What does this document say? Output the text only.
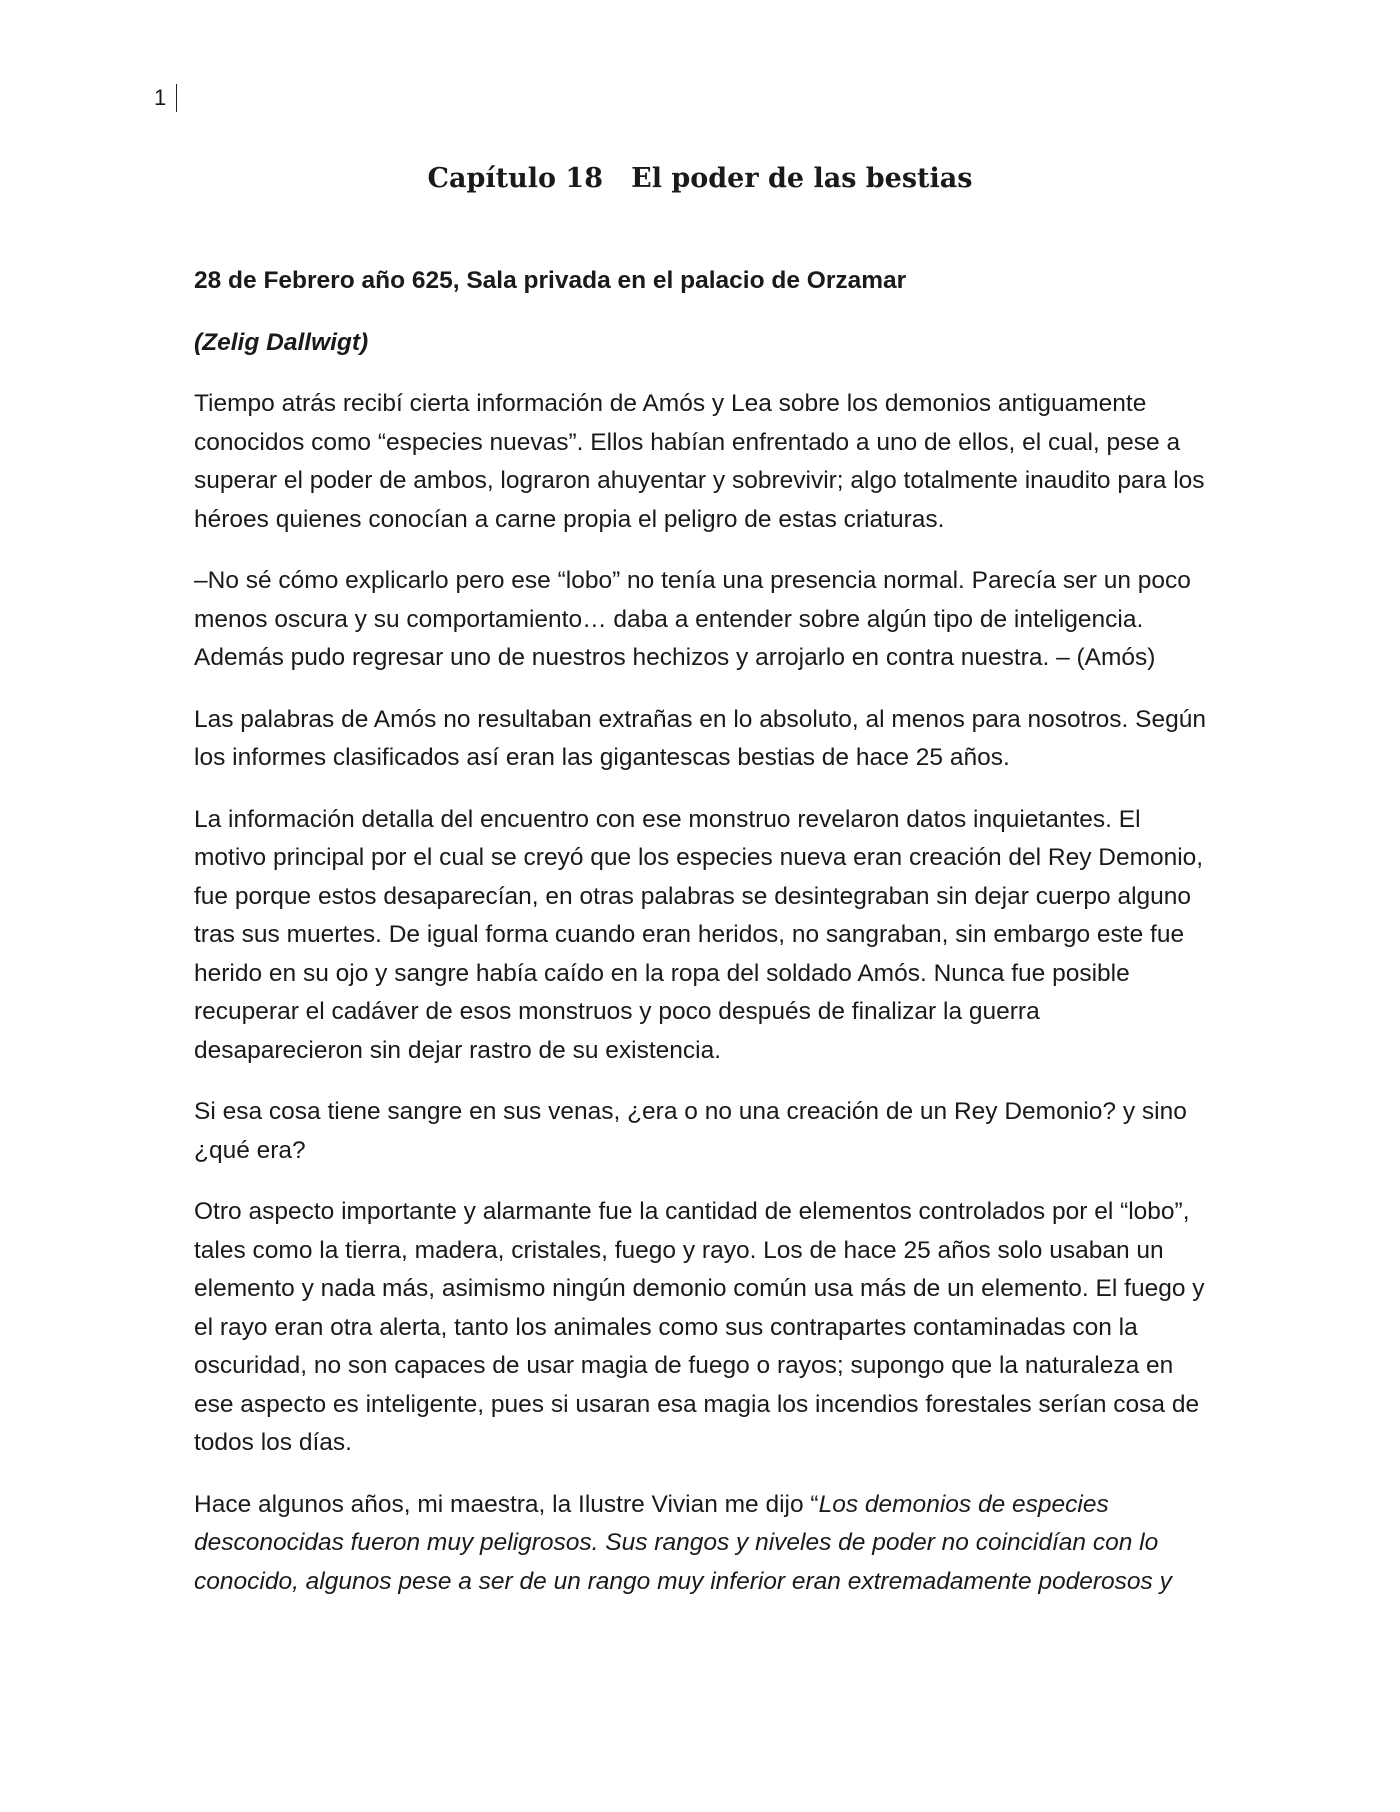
1
Capítulo 18   El poder de las bestias
28 de Febrero año 625, Sala privada en el palacio de Orzamar
(Zelig Dallwigt)

Tiempo atrás recibí cierta información de Amós y Lea sobre los demonios antiguamente conocidos como “especies nuevas”. Ellos habían enfrentado a uno de ellos, el cual, pese a superar el poder de ambos, lograron ahuyentar y sobrevivir; algo totalmente inaudito para los héroes quienes conocían a carne propia el peligro de estas criaturas.

–No sé cómo explicarlo pero ese “lobo” no tenía una presencia normal. Parecía ser un poco menos oscura y su comportamiento… daba a entender sobre algún tipo de inteligencia. Además pudo regresar uno de nuestros hechizos y arrojarlo en contra nuestra. – (Amós)

Las palabras de Amós no resultaban extrañas en lo absoluto, al menos para nosotros. Según los informes clasificados así eran las gigantescas bestias de hace 25 años.

La información detalla del encuentro con ese monstruo revelaron datos inquietantes. El motivo principal por el cual se creyó que los especies nueva eran creación del Rey Demonio, fue porque estos desaparecían, en otras palabras se desintegraban sin dejar cuerpo alguno tras sus muertes. De igual forma cuando eran heridos, no sangraban, sin embargo este fue herido en su ojo y sangre había caído en la ropa del soldado Amós. Nunca fue posible recuperar el cadáver de esos monstruos y poco después de finalizar la guerra desaparecieron sin dejar rastro de su existencia.

Si esa cosa tiene sangre en sus venas, ¿era o no una creación de un Rey Demonio? y sino ¿qué era?

Otro aspecto importante y alarmante fue la cantidad de elementos controlados por el “lobo”, tales como la tierra, madera, cristales, fuego y rayo. Los de hace 25 años solo usaban un elemento y nada más, asimismo ningún demonio común usa más de un elemento. El fuego y el rayo eran otra alerta, tanto los animales como sus contrapartes contaminadas con la oscuridad, no son capaces de usar magia de fuego o rayos; supongo que la naturaleza en ese aspecto es inteligente, pues si usaran esa magia los incendios forestales serían cosa de todos los días.

Hace algunos años, mi maestra, la Ilustre Vivian me dijo “Los demonios de especies desconocidas fueron muy peligrosos. Sus rangos y niveles de poder no coincidían con lo conocido, algunos pese a ser de un rango muy inferior eran extremadamente poderosos y
